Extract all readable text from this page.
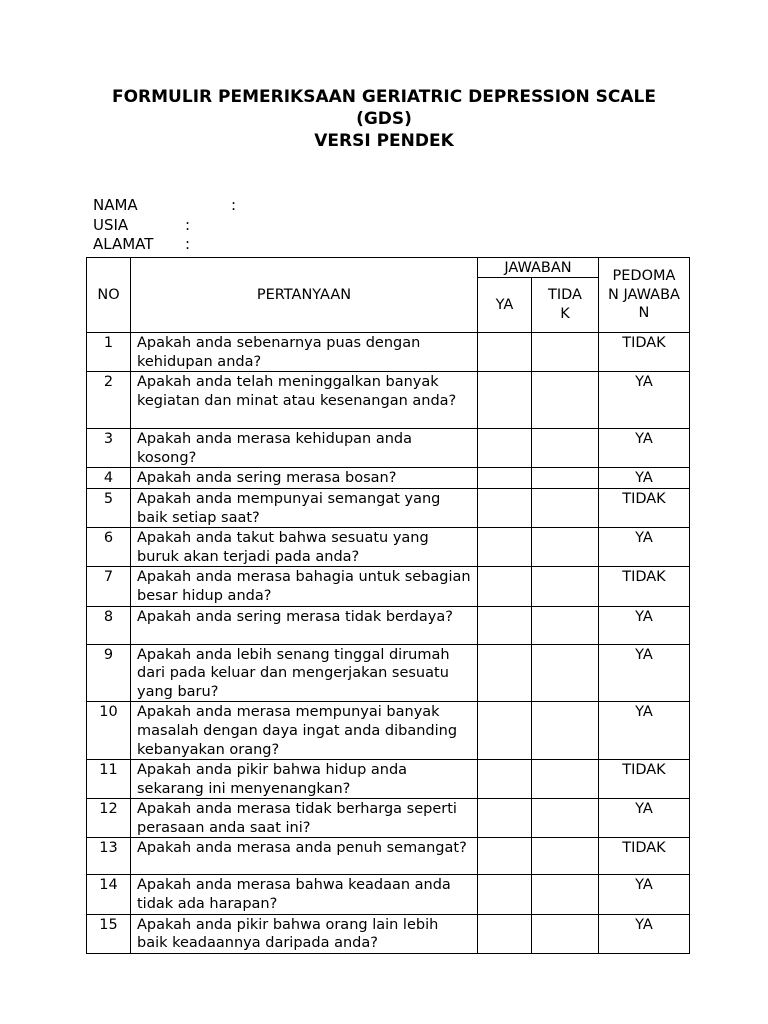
FORMULIR PEMERIKSAAN GERIATRIC DEPRESSION SCALE
(GDS)
VERSI PENDEK
NAMA	:
USIA	:
ALAMAT :
NO	PERTANYAAN	JAWABAN		PEDOMA N JAWABA N
		YA	TIDA K	
1	Apakah anda sebenarnya puas dengan kehidupan anda?			TIDAK
2	Apakah anda telah meninggalkan banyak kegiatan dan minat atau kesenangan anda?			YA
3	Apakah anda merasa kehidupan anda kosong?			YA
4	Apakah anda sering merasa bosan?			YA
5	Apakah anda mempunyai semangat yang baik setiap saat?			TIDAK
6	Apakah anda takut bahwa sesuatu yang buruk akan terjadi pada anda?			YA
7	Apakah anda merasa bahagia untuk sebagian besar hidup anda?			TIDAK
8	Apakah anda sering merasa tidak berdaya?			YA
9	Apakah anda lebih senang tinggal dirumah dari pada keluar dan mengerjakan sesuatu yang baru?			YA
10	Apakah anda merasa mempunyai banyak masalah dengan daya ingat anda dibanding kebanyakan orang?			YA
11	Apakah anda pikir bahwa hidup anda sekarang ini menyenangkan?			TIDAK
12	Apakah anda merasa tidak berharga seperti perasaan anda saat ini?			YA
13	Apakah anda merasa anda penuh semangat?			TIDAK
14	Apakah anda merasa bahwa keadaan anda tidak ada harapan?			YA
15	Apakah anda pikir bahwa orang lain lebih baik keadaannya daripada anda?			YA
